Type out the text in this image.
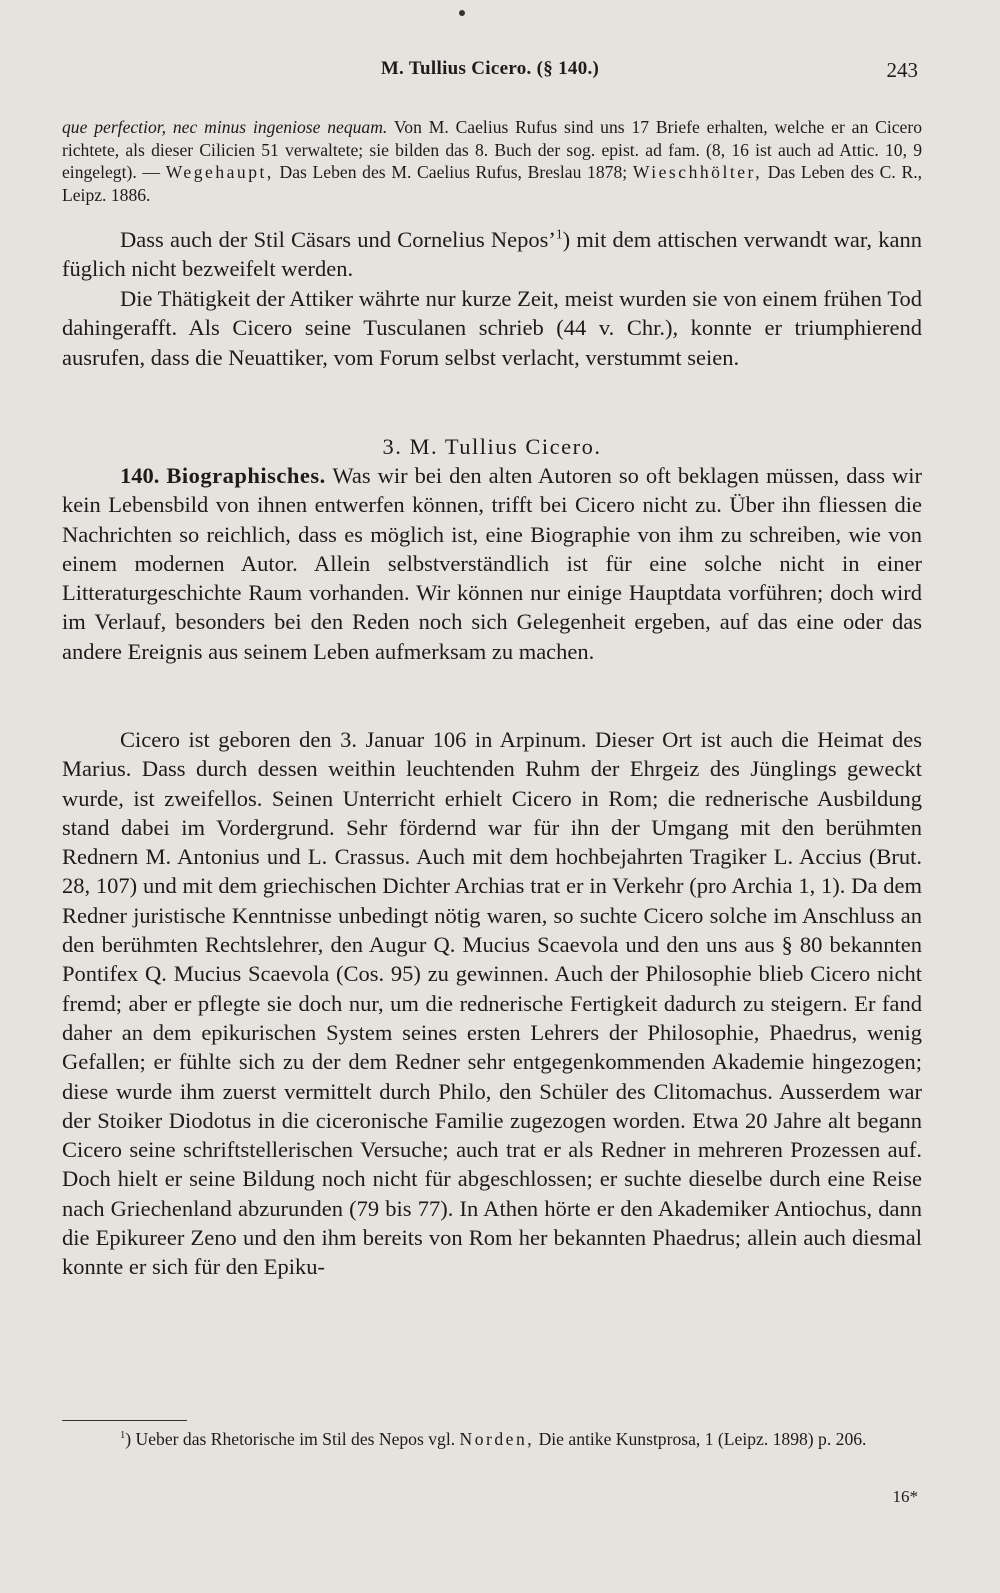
M. Tullius Cicero. (§ 140.)	243

que perfectior, nec minus ingeniose nequam. Von M. Caelius Rufus sind uns 17 Briefe erhalten, welche er an Cicero richtete, als dieser Cilicien 51 verwaltete; sie bilden das 8. Buch der sog. epist. ad fam. (8, 16 ist auch ad Attic. 10, 9 eingelegt). — Wegehaupt, Das Leben des M. Caelius Rufus, Breslau 1878; Wieschhölter, Das Leben des C. R., Leipz. 1886.

Dass auch der Stil Cäsars und Cornelius Nepos’$^1$) mit dem attischen verwandt war, kann füglich nicht bezweifelt werden.

Die Thätigkeit der Attiker währte nur kurze Zeit, meist wurden sie von einem frühen Tod dahingerafft. Als Cicero seine Tusculanen schrieb (44 v. Chr.), konnte er triumphierend ausrufen, dass die Neuattiker, vom Forum selbst verlacht, verstummt seien.

3. M. Tullius Cicero.

140. Biographisches. Was wir bei den alten Autoren so oft beklagen müssen, dass wir kein Lebensbild von ihnen entwerfen können, trifft bei Cicero nicht zu. Über ihn fliessen die Nachrichten so reichlich, dass es möglich ist, eine Biographie von ihm zu schreiben, wie von einem modernen Autor. Allein selbstverständlich ist für eine solche nicht in einer Litteraturgeschichte Raum vorhanden. Wir können nur einige Hauptdata vorführen; doch wird im Verlauf, besonders bei den Reden noch sich Gelegenheit ergeben, auf das eine oder das andere Ereignis aus seinem Leben aufmerksam zu machen.

Cicero ist geboren den 3. Januar 106 in Arpinum. Dieser Ort ist auch die Heimat des Marius. Dass durch dessen weithin leuchtenden Ruhm der Ehrgeiz des Jünglings geweckt wurde, ist zweifellos. Seinen Unterricht erhielt Cicero in Rom; die rednerische Ausbildung stand dabei im Vordergrund. Sehr fördernd war für ihn der Umgang mit den berühmten Rednern M. Antonius und L. Crassus. Auch mit dem hochbejahrten Tragiker L. Accius (Brut. 28, 107) und mit dem griechischen Dichter Archias trat er in Verkehr (pro Archia 1, 1). Da dem Redner juristische Kenntnisse unbedingt nötig waren, so suchte Cicero solche im Anschluss an den berühmten Rechtslehrer, den Augur Q. Mucius Scaevola und den uns aus § 80 bekannten Pontifex Q. Mucius Scaevola (Cos. 95) zu gewinnen. Auch der Philosophie blieb Cicero nicht fremd; aber er pflegte sie doch nur, um die rednerische Fertigkeit dadurch zu steigern. Er fand daher an dem epikurischen System seines ersten Lehrers der Philosophie, Phaedrus, wenig Gefallen; er fühlte sich zu der dem Redner sehr entgegenkommenden Akademie hingezogen; diese wurde ihm zuerst vermittelt durch Philo, den Schüler des Clitomachus. Ausserdem war der Stoiker Diodotus in die ciceronische Familie zugezogen worden. Etwa 20 Jahre alt begann Cicero seine schriftstellerischen Versuche; auch trat er als Redner in mehreren Prozessen auf. Doch hielt er seine Bildung noch nicht für abgeschlossen; er suchte dieselbe durch eine Reise nach Griechenland abzurunden (79 bis 77). In Athen hörte er den Akademiker Antiochus, dann die Epikureer Zeno und den ihm bereits von Rom her bekannten Phaedrus; allein auch diesmal konnte er sich für den Epiku-

$^1$) Ueber das Rhetorische im Stil des Nepos vgl. Norden, Die antike Kunstprosa, 1 (Leipz. 1898) p. 206.

16*
